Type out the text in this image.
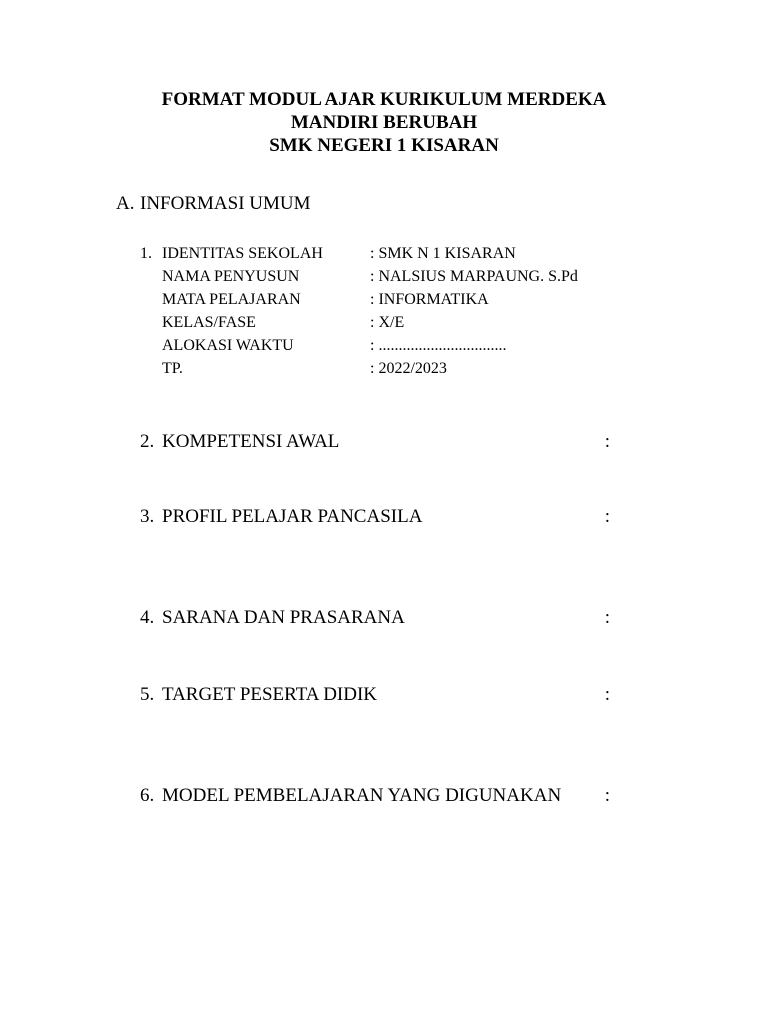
FORMAT MODUL AJAR KURIKULUM MERDEKA
MANDIRI BERUBAH
SMK NEGERI 1 KISARAN
A. INFORMASI UMUM
1. IDENTITAS SEKOLAH	: SMK N 1 KISARAN
NAMA PENYUSUN	: NALSIUS MARPAUNG. S.Pd
MATA PELAJARAN	: INFORMATIKA
KELAS/FASE	: X/E
ALOKASI WAKTU	: ................................
TP.	: 2022/2023
2. KOMPETENSI AWAL	:
3. PROFIL PELAJAR PANCASILA	:
4. SARANA DAN PRASARANA	:
5. TARGET PESERTA DIDIK	:
6. MODEL PEMBELAJARAN YANG DIGUNAKAN :
